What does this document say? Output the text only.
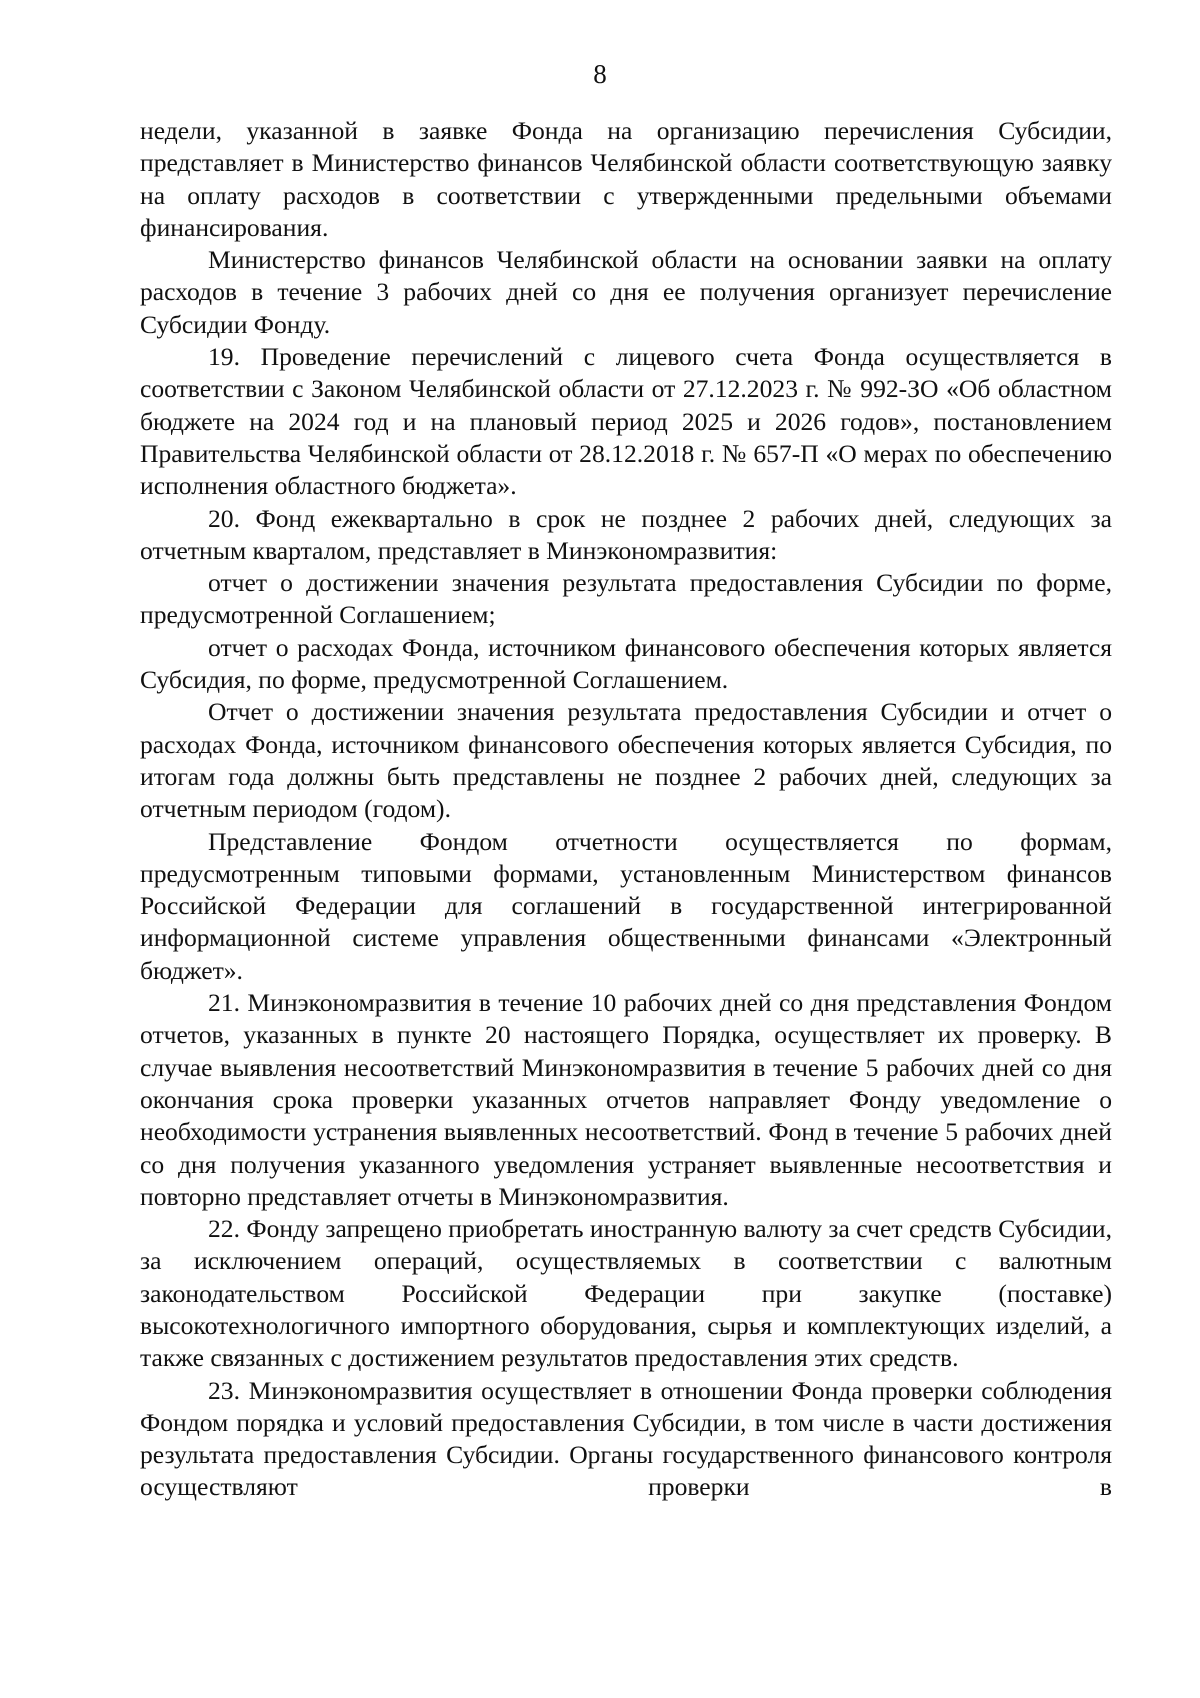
8

недели, указанной в заявке Фонда на организацию перечисления Субсидии, представляет в Министерство финансов Челябинской области соответствующую заявку на оплату расходов в соответствии с утвержденными предельными объемами финансирования.

Министерство финансов Челябинской области на основании заявки на оплату расходов в течение 3 рабочих дней со дня ее получения организует перечисление Субсидии Фонду.

19. Проведение перечислений с лицевого счета Фонда осуществляется в соответствии с Законом Челябинской области от 27.12.2023 г. № 992-ЗО «Об областном бюджете на 2024 год и на плановый период 2025 и 2026 годов», постановлением Правительства Челябинской области от 28.12.2018 г. № 657-П «О мерах по обеспечению исполнения областного бюджета».

20. Фонд ежеквартально в срок не позднее 2 рабочих дней, следующих за отчетным кварталом, представляет в Минэкономразвития:

отчет о достижении значения результата предоставления Субсидии по форме, предусмотренной Соглашением;

отчет о расходах Фонда, источником финансового обеспечения которых является Субсидия, по форме, предусмотренной Соглашением.

Отчет о достижении значения результата предоставления Субсидии и отчет о расходах Фонда, источником финансового обеспечения которых является Субсидия, по итогам года должны быть представлены не позднее 2 рабочих дней, следующих за отчетным периодом (годом).

Представление Фондом отчетности осуществляется по формам, предусмотренным типовыми формами, установленным Министерством финансов Российской Федерации для соглашений в государственной интегрированной информационной системе управления общественными финансами «Электронный бюджет».

21. Минэкономразвития в течение 10 рабочих дней со дня представления Фондом отчетов, указанных в пункте 20 настоящего Порядка, осуществляет их проверку. В случае выявления несоответствий Минэкономразвития в течение 5 рабочих дней со дня окончания срока проверки указанных отчетов направляет Фонду уведомление о необходимости устранения выявленных несоответствий. Фонд в течение 5 рабочих дней со дня получения указанного уведомления устраняет выявленные несоответствия и повторно представляет отчеты в Минэкономразвития.

22. Фонду запрещено приобретать иностранную валюту за счет средств Субсидии, за исключением операций, осуществляемых в соответствии с валютным законодательством Российской Федерации при закупке (поставке) высокотехнологичного импортного оборудования, сырья и комплектующих изделий, а также связанных с достижением результатов предоставления этих средств.

23. Минэкономразвития осуществляет в отношении Фонда проверки соблюдения Фондом порядка и условий предоставления Субсидии, в том числе в части достижения результата предоставления Субсидии. Органы государственного финансового контроля осуществляют проверки в
